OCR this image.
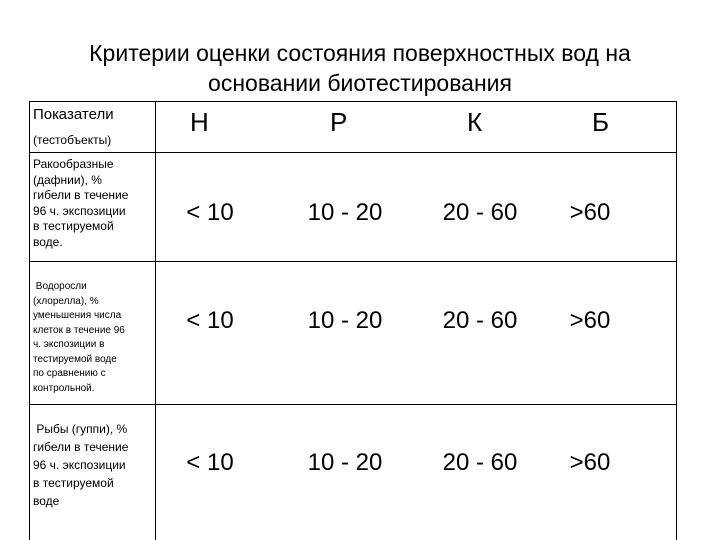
Критерии оценки состояния поверхностных вод на
основании биотестирования
Покaзатели
(тестобъекты)
Н	Р	К	Б
Ракообразные
(дафнии), %
гибели в течение
96 ч. экспозиции
в тестируемой
воде.
< 10	10 - 20	20 - 60	>60
Водоросли
(хлорелла), %
уменьшения числа
клеток в течение 96
ч. экспозиции в
тестируемой воде
по сравнению с
контрольной.
< 10	10 - 20	20 - 60	>60
Рыбы (гуппи), %
гибели в течение
96 ч. экспозиции
в тестируемой
воде
< 10	10 - 20	20 - 60	>60
